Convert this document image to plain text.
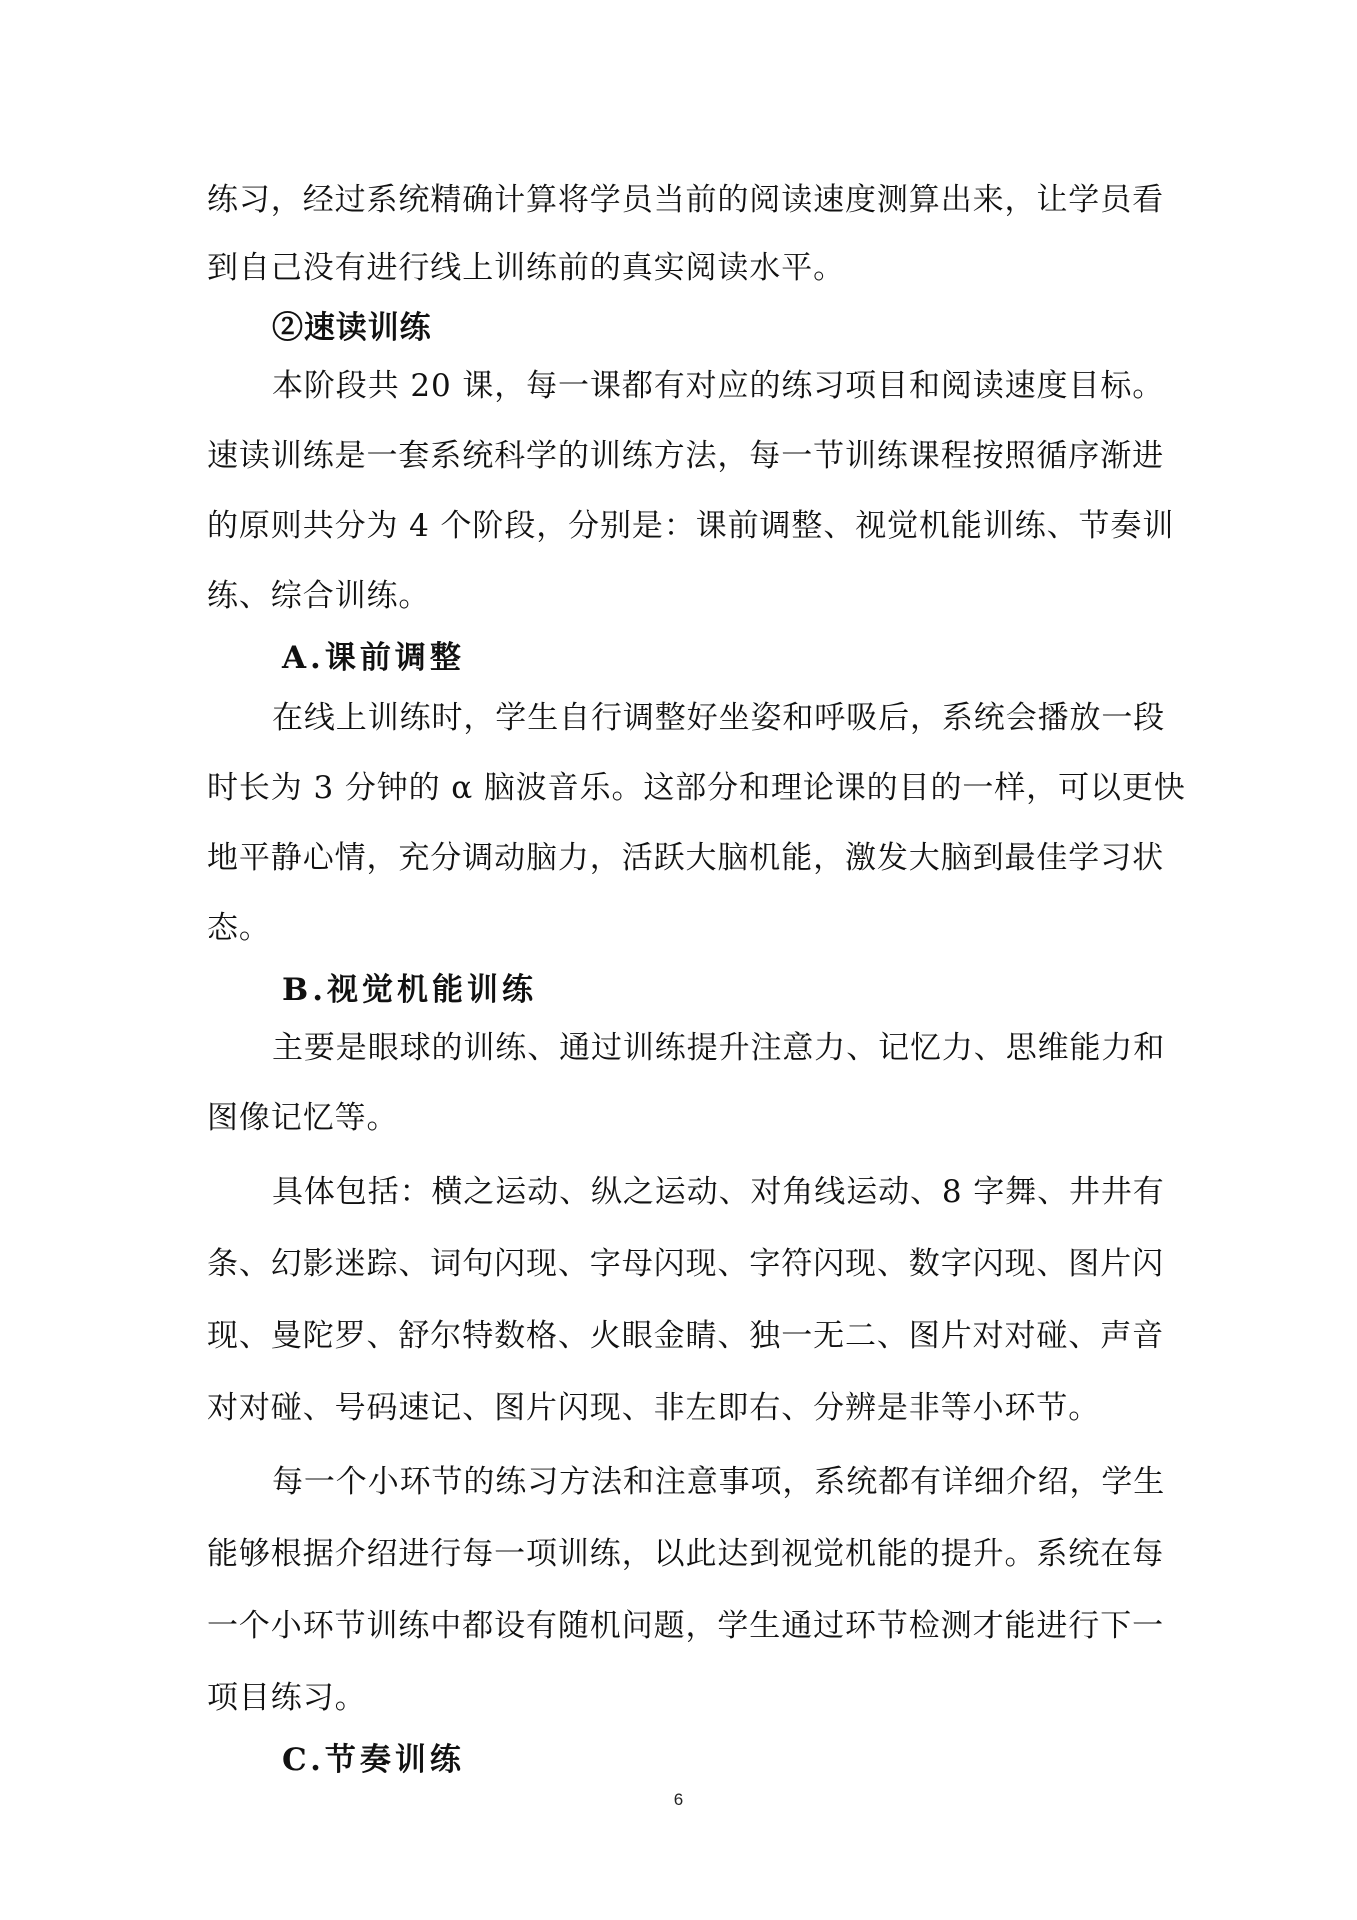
练习，经过系统精确计算将学员当前的阅读速度测算出来，让学员看
到自己没有进行线上训练前的真实阅读水平。
②速读训练
本阶段共 20 课，每一课都有对应的练习项目和阅读速度目标。
速读训练是一套系统科学的训练方法，每一节训练课程按照循序渐进
的原则共分为 4 个阶段，分别是：课前调整、视觉机能训练、节奏训
练、综合训练。
A.课前调整
在线上训练时，学生自行调整好坐姿和呼吸后，系统会播放一段
时长为 3 分钟的 α 脑波音乐。这部分和理论课的目的一样，可以更快
地平静心情，充分调动脑力，活跃大脑机能，激发大脑到最佳学习状
态。
B.视觉机能训练
主要是眼球的训练、通过训练提升注意力、记忆力、思维能力和
图像记忆等。
具体包括：横之运动、纵之运动、对角线运动、8 字舞、井井有
条、幻影迷踪、词句闪现、字母闪现、字符闪现、数字闪现、图片闪
现、曼陀罗、舒尔特数格、火眼金睛、独一无二、图片对对碰、声音
对对碰、号码速记、图片闪现、非左即右、分辨是非等小环节。
每一个小环节的练习方法和注意事项，系统都有详细介绍，学生
能够根据介绍进行每一项训练，以此达到视觉机能的提升。系统在每
一个小环节训练中都设有随机问题，学生通过环节检测才能进行下一
项目练习。
C.节奏训练
6
